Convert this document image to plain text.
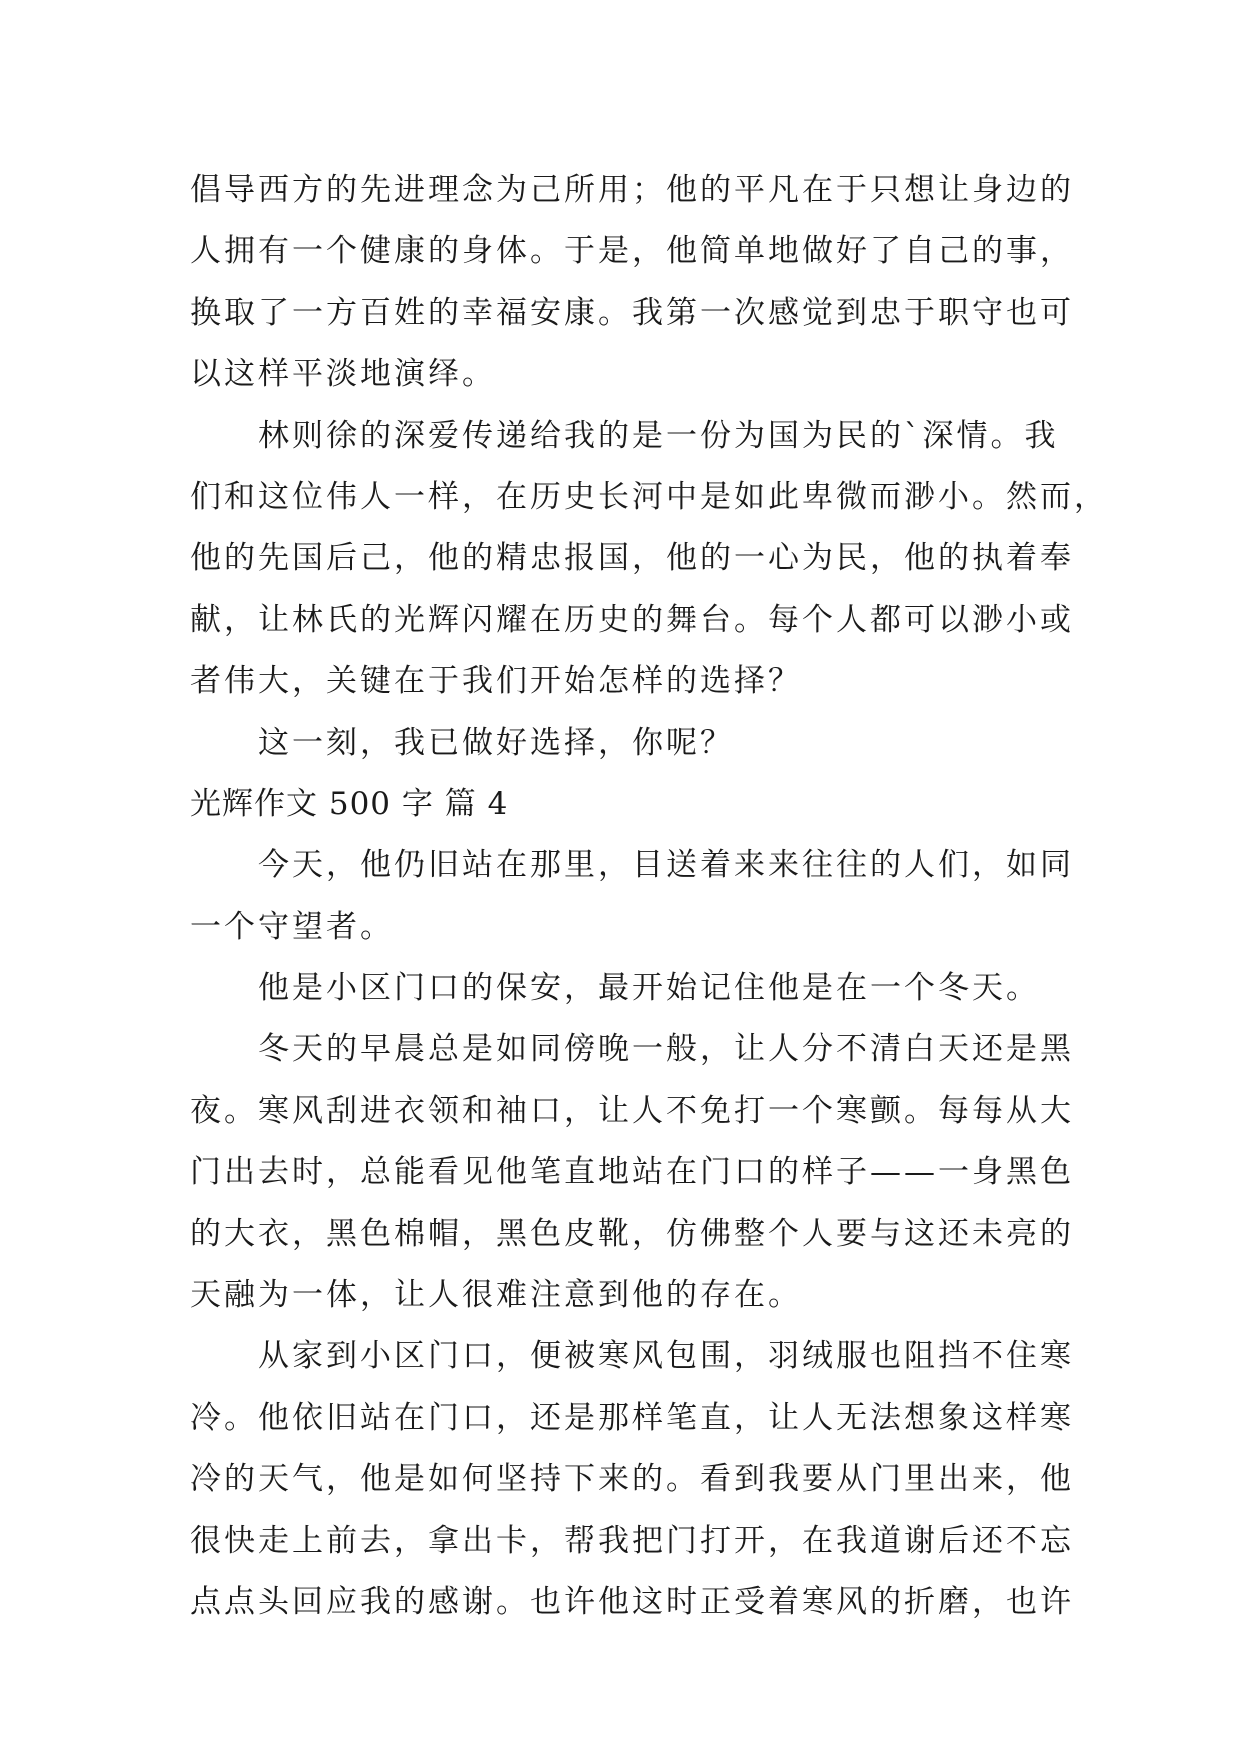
倡导西方的先进理念为己所用；他的平凡在于只想让身边的
人拥有一个健康的身体。于是，他简单地做好了自己的事，
换取了一方百姓的幸福安康。我第一次感觉到忠于职守也可
以这样平淡地演绎。
林则徐的深爱传递给我的是一份为国为民的`深情。我
们和这位伟人一样，在历史长河中是如此卑微而渺小。然而，
他的先国后己，他的精忠报国，他的一心为民，他的执着奉
献，让林氏的光辉闪耀在历史的舞台。每个人都可以渺小或
者伟大，关键在于我们开始怎样的选择？
这一刻，我已做好选择，你呢？
光辉作文 500 字 篇 4
今天，他仍旧站在那里，目送着来来往往的人们，如同
一个守望者。
他是小区门口的保安，最开始记住他是在一个冬天。
冬天的早晨总是如同傍晚一般，让人分不清白天还是黑
夜。寒风刮进衣领和袖口，让人不免打一个寒颤。每每从大
门出去时，总能看见他笔直地站在门口的样子——一身黑色
的大衣，黑色棉帽，黑色皮靴，仿佛整个人要与这还未亮的
天融为一体，让人很难注意到他的存在。
从家到小区门口，便被寒风包围，羽绒服也阻挡不住寒
冷。他依旧站在门口，还是那样笔直，让人无法想象这样寒
冷的天气，他是如何坚持下来的。看到我要从门里出来，他
很快走上前去，拿出卡，帮我把门打开，在我道谢后还不忘
点点头回应我的感谢。也许他这时正受着寒风的折磨，也许
